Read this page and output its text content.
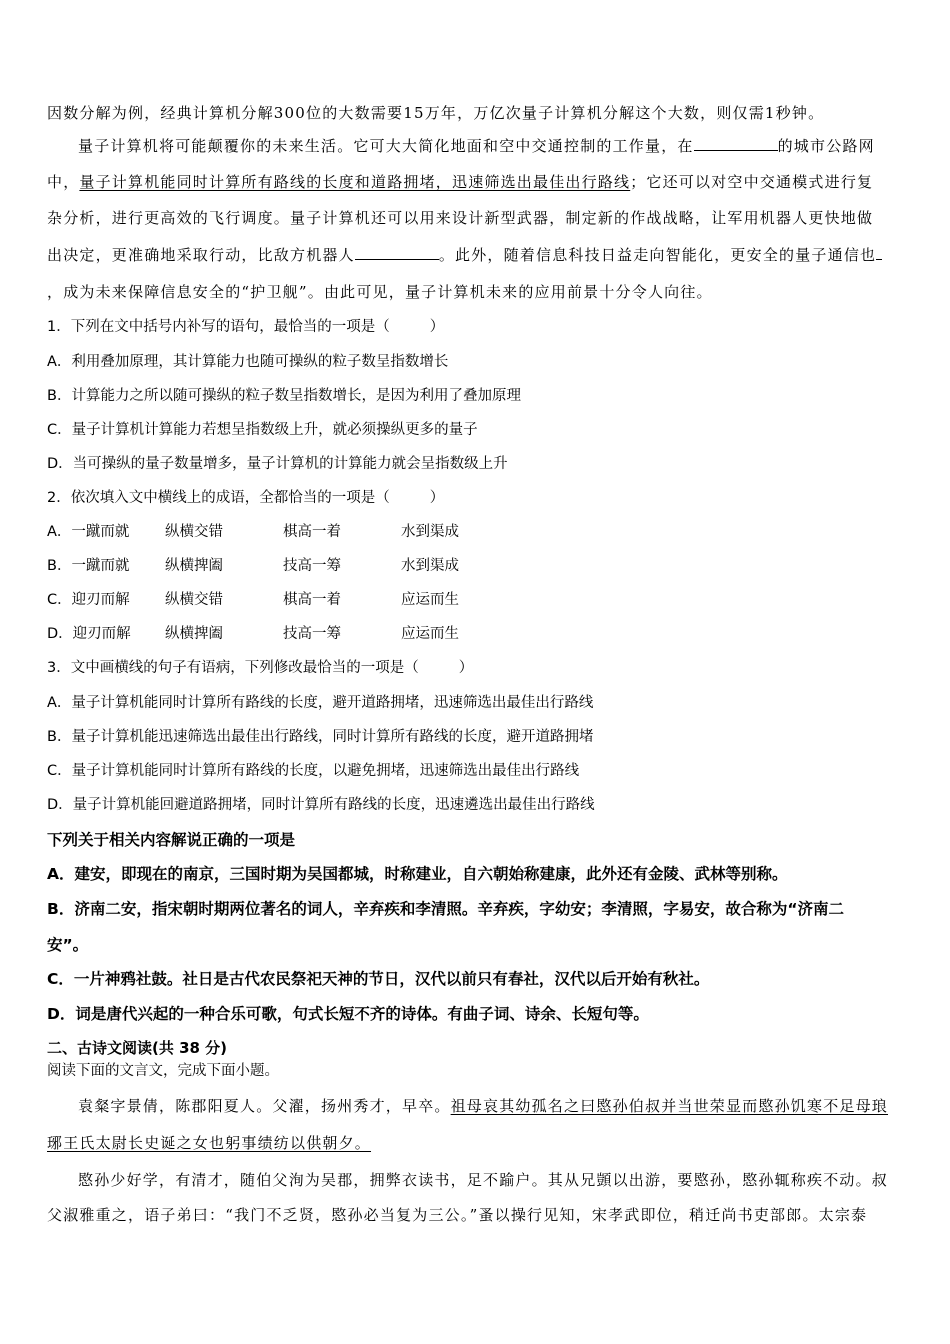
因数分解为例，经典计算机分解300位的大数需要15万年，万亿次量子计算机分解这个大数，则仅需1秒钟。
量子计算机将可能颠覆你的未来生活。它可大大简化地面和空中交通控制的工作量，在	的城市公路网
中，量子计算机能同时计算所有路线的长度和道路拥堵，迅速筛选出最佳出行路线；它还可以对空中交通模式进行复
杂分析，进行更高效的飞行调度。量子计算机还可以用来设计新型武器，制定新的作战战略，让军用机器人更快地做
出决定，更准确地采取行动，比敌方机器人	。此外，随着信息科技日益走向智能化，更安全的量子通信也
，成为未来保障信息安全的“护卫舰”。由此可见，量子计算机未来的应用前景十分令人向往。
1．下列在文中括号内补写的语句，最恰当的一项是（	）
A．利用叠加原理，其计算能力也随可操纵的粒子数呈指数增长
B．计算能力之所以随可操纵的粒子数呈指数增长，是因为利用了叠加原理
C．量子计算机计算能力若想呈指数级上升，就必须操纵更多的量子
D．当可操纵的量子数量增多，量子计算机的计算能力就会呈指数级上升
2．依次填入文中横线上的成语，全都恰当的一项是（	）
A．一蹴而就 纵横交错	棋高一着	水到渠成
B．一蹴而就 纵横捭阖	技高一筹	水到渠成
C．迎刃而解 纵横交错	棋高一着	应运而生
D．迎刃而解 纵横捭阖	技高一筹	应运而生
3．文中画横线的句子有语病，下列修改最恰当的一项是（	）
A．量子计算机能同时计算所有路线的长度，避开道路拥堵，迅速筛选出最佳出行路线
B．量子计算机能迅速筛选出最佳出行路线，同时计算所有路线的长度，避开道路拥堵
C．量子计算机能同时计算所有路线的长度，以避免拥堵，迅速筛选出最佳出行路线
D．量子计算机能回避道路拥堵，同时计算所有路线的长度，迅速遴选出最佳出行路线
下列关于相关内容解说正确的一项是
A．建安，即现在的南京，三国时期为吴国都城，时称建业，自六朝始称建康，此外还有金陵、武林等别称。
B．济南二安，指宋朝时期两位著名的词人，辛弃疾和李清照。辛弃疾，字幼安；李清照，字易安，故合称为“济南二
安”。
C．一片神鸦社鼓。社日是古代农民祭祀天神的节日，汉代以前只有春社，汉代以后开始有秋社。
D．词是唐代兴起的一种合乐可歌，句式长短不齐的诗体。有曲子词、诗余、长短句等。
二、古诗文阅读(共 38 分)
阅读下面的文言文，完成下面小题。
袁粲字景倩，陈郡阳夏人。父濯，扬州秀才，早卒。祖母哀其幼孤名之曰愍孙伯叔并当世荣显而愍孙饥寒不足母琅
琊王氏太尉长史诞之女也躬事绩纺以供朝夕。
愍孙少好学，有清才，随伯父洵为吴郡，拥弊衣读书，足不踰户。其从兄顗以出游，要愍孙，愍孙辄称疾不动。叔
父淑雅重之，语子弟曰：“我门不乏贤，愍孙必当复为三公。”蚤以操行见知，宋孝武即位，稍迁尚书吏部郎。太宗泰
